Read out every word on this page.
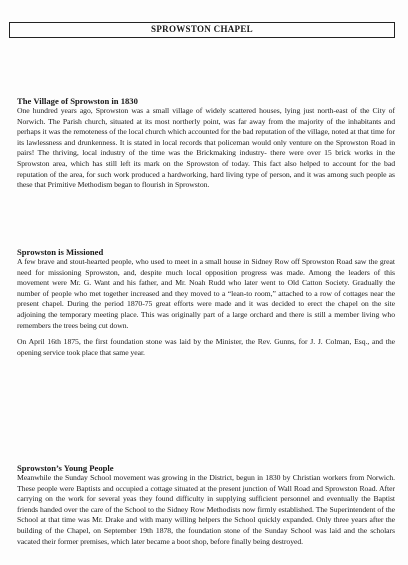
SPROWSTON CHAPEL
The Village of Sprowston in 1830

One hundred years ago, Sprowston was a small village of widely scattered houses, lying just north-east of the City of Norwich. The Parish church, situated at its most northerly point, was far away from the majority of the inhabitants and perhaps it was the remoteness of the local church which accounted for the bad reputation of the village, noted at that time for its lawlessness and drunkenness. It is stated in local records that policeman would only venture on the Sprowston Road in pairs! The thriving, local industry of the time was the Brickmaking industry- there were over 15 brick works in the Sprowston area, which has still left its mark on the Sprowston of today. This fact also helped to account for the bad reputation of the area, for such work produced a hardworking, hard living type of person, and it was among such people as these that Primitive Methodism began to flourish in Sprowston.

Sprowston is Missioned

A few brave and stout-hearted people, who used to meet in a small house in Sidney Row off Sprowston Road saw the great need for missioning Sprowston, and, despite much local opposition progress was made. Among the leaders of this movement were Mr. G. Want and his father, and Mr. Noah Rudd who later went to Old Catton Society. Gradually the number of people who met together increased and they moved to a “lean-to room,” attached to a row of cottages near the present chapel. During the period 1870-75 great efforts were made and it was decided to erect the chapel on the site adjoining the temporary meeting place. This was originally part of a large orchard and there is still a member living who remembers the trees being cut down.

On April 16th 1875, the first foundation stone was laid by the Minister, the Rev. Gunns, for J. J. Colman, Esq., and the opening service took place that same year.

Sprowston’s Young People

Meanwhile the Sunday School movement was growing in the District, begun in 1830 by Christian workers from Norwich. These people were Baptists and occupied a cottage situated at the present junction of Wall Road and Sprowston Road. After carrying on the work for several yeas they found difficulty in supplying sufficient personnel and eventually the Baptist friends handed over the care of the School to the Sidney Row Methodists now firmly established. The Superintendent of the School at that time was Mr. Drake and with many willing helpers the School quickly expanded. Only three years after the building of the Chapel, on September 19th 1878, the foundation stone of the Sunday School was laid and the scholars vacated their former premises, which later became a boot shop, before finally being destroyed.
